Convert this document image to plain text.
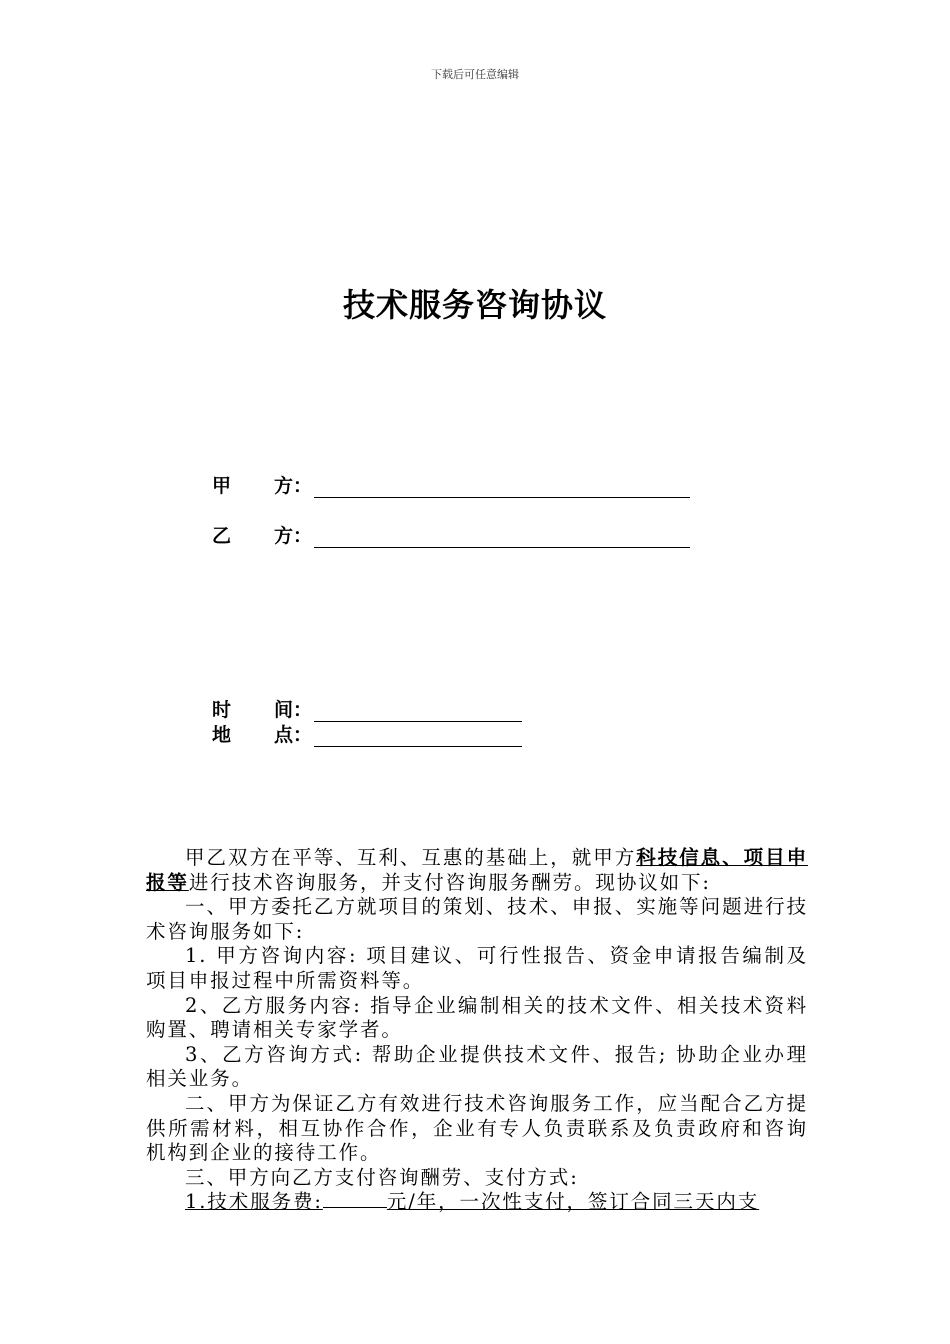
下载后可任意编辑
技术服务咨询协议
甲 方：
乙 方：
时 间：
地 点：

甲乙双方在平等、互利、互惠的基础上，就甲方科技信息、项目申报等进行技术咨询服务，并支付咨询服务酬劳。现协议如下:

一、甲方委托乙方就项目的策划、技术、申报、实施等问题进行技术咨询服务如下:

1. 甲方咨询内容: 项目建议、可行性报告、资金申请报告编制及项目申报过程中所需资料等。

2、乙方服务内容: 指导企业编制相关的技术文件、相关技术资料购置、聘请相关专家学者。

3、乙方咨询方式: 帮助企业提供技术文件、报告; 协助企业办理相关业务。

二、甲方为保证乙方有效进行技术咨询服务工作，应当配合乙方提供所需材料，相互协作合作，企业有专人负责联系及负责政府和咨询机构到企业的接待工作。

三、甲方向乙方支付咨询酬劳、支付方式:

1.技术服务费:	元/年，一次性支付，签订合同三天内支
